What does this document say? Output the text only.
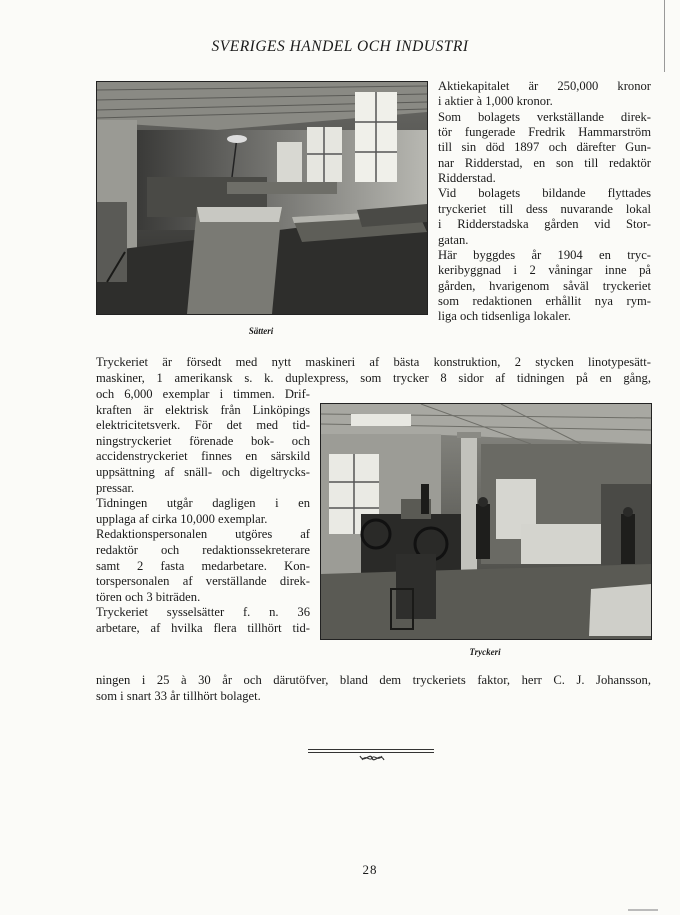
SVERIGES HANDEL OCH INDUSTRI
Sätteri
Aktiekapitalet är 250,000 kronor
i aktier à 1,000 kronor.
Som bolagets verkställande direk-
tör fungerade Fredrik Hammarström
till sin död 1897 och därefter Gun-
nar Ridderstad, en son till redaktör
Ridderstad.
Vid bolagets bildande flyttades
tryckeriet till dess nuvarande lokal
i Ridderstadska gården vid Stor-
gatan.
Här byggdes år 1904 en tryc-
keribyggnad i 2 våningar inne på
gården, hvarigenom såväl tryckeriet
som redaktionen erhållit nya rym-
liga och tidsenliga lokaler.
Tryckeriet är försedt med nytt maskineri af bästa konstruktion, 2 stycken linotypesätt-
maskiner, 1 amerikansk s. k. duplexpress, som trycker 8 sidor af tidningen på en gång,
Tryckeri
och 6,000 exemplar i timmen. Drif-
kraften är elektrisk från Linköpings
elektricitetsverk. För det med tid-
ningstryckeriet förenade bok- och
accidenstryckeriet finnes en särskild
uppsättning af snäll- och digeltrycks-
pressar.
Tidningen utgår dagligen i en
upplaga af cirka 10,000 exemplar.
Redaktionspersonalen utgöres af
redaktör och redaktionssekreterare
samt 2 fasta medarbetare. Kon-
torspersonalen af verställande direk-
tören och 3 biträden.
Tryckeriet sysselsätter f. n. 36
arbetare, af hvilka flera tillhört tid-
ningen i 25 à 30 år och därutöfver, bland dem tryckeriets faktor, herr C. J. Johansson,
som i snart 33 år tillhört bolaget.
28
